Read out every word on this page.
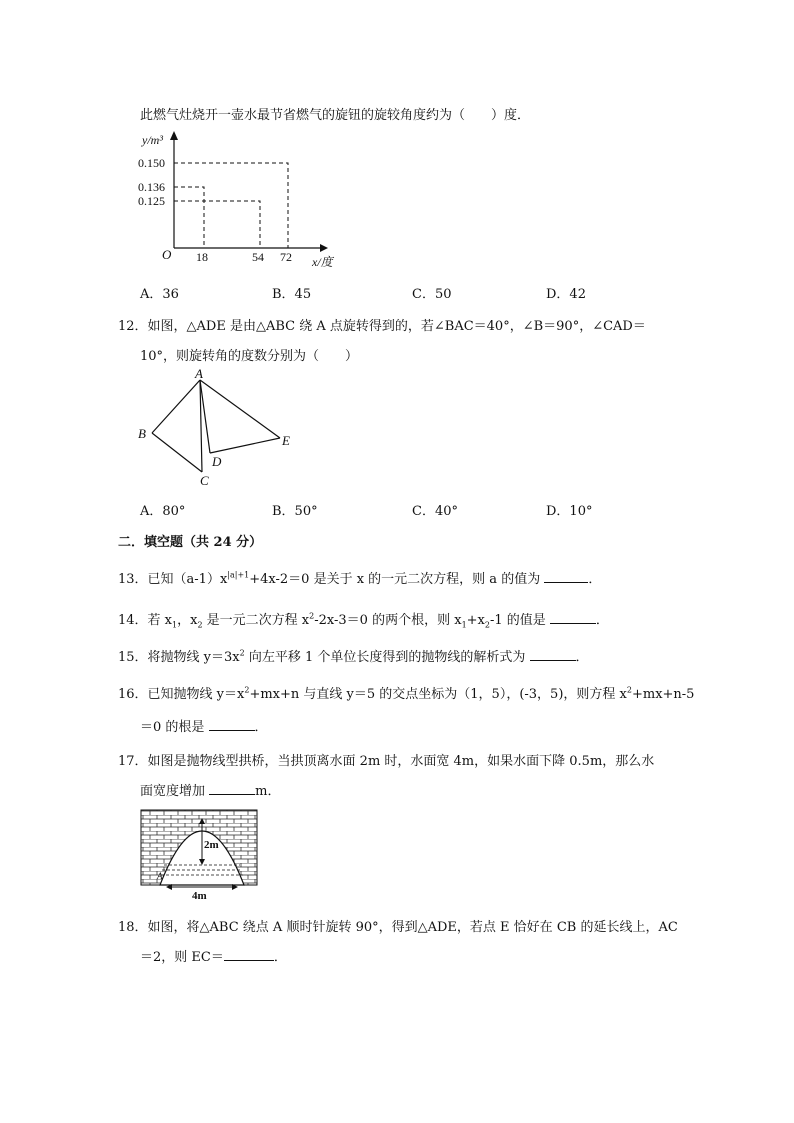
此燃气灶烧开一壶水最节省燃气的旋钮的旋较角度约为（　　）度．
y/m³
0.150
0.136
0.125
O 18	54 72 x/度
A．36	B．45	C．50	D．42
12．如图，△ADE 是由△ABC 绕 A 点旋转得到的，若∠BAC＝40°，∠B＝90°，∠CAD＝
10°，则旋转角的度数分别为（　　）
A
B
C
D
E
A．80°	B．50°	C．40°	D．10°
二．填空题（共 24 分）
13．已知$(a-1)x^{|a|+1}+4x-2=0$ 是关于 x 的一元二次方程，则 a 的值为	．
14．若 $x_1$，$x_2$ 是一元二次方程 $x^2-2x-3=0$ 的两个根，则 $x_1+x_2-1$ 的值是	．
15．将抛物线 $y=3x^2$ 向左平移 1 个单位长度得到的抛物线的解析式为	．
16．已知抛物线 $y=x^2+mx+n$ 与直线 y＝5 的交点坐标为（1，5），(-3，5)，则方程 $x^2+mx+n-5$
＝0 的根是	．
17．如图是抛物线型拱桥，当拱顶离水面 2m 时，水面宽 4m，如果水面下降 0.5m，那么水
面宽度增加	m．
2m
A
4m
18．如图，将△ABC 绕点 A 顺时针旋转 90°，得到△ADE，若点 E 恰好在 CB 的延长线上，AC
＝2，则 EC＝	．
